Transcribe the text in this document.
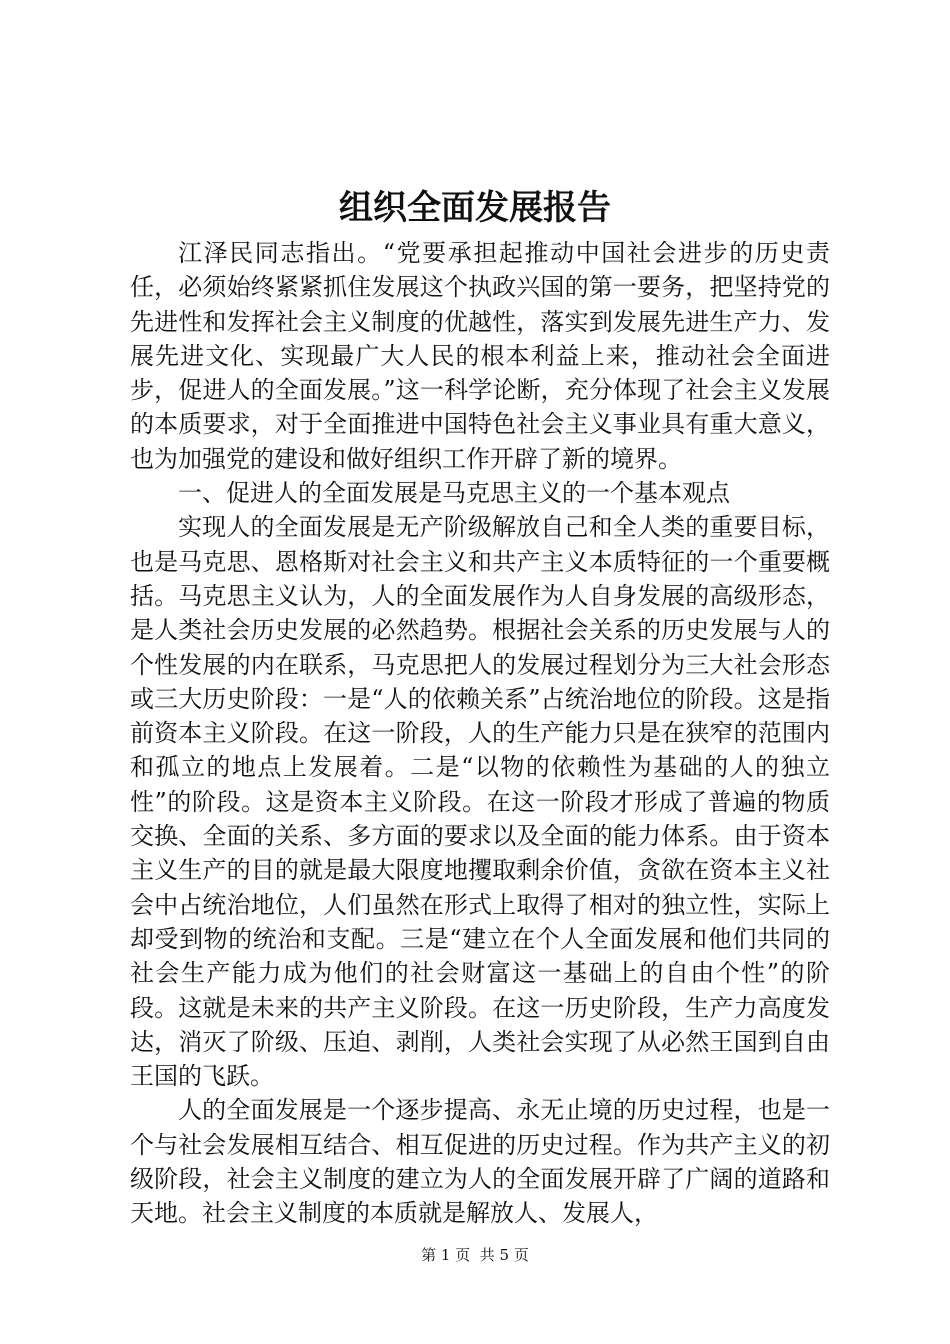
组织全面发展报告

江泽民同志指出。“党要承担起推动中国社会进步的历史责任，必须始终紧紧抓住发展这个执政兴国的第一要务，把坚持党的先进性和发挥社会主义制度的优越性，落实到发展先进生产力、发展先进文化、实现最广大人民的根本利益上来，推动社会全面进步，促进人的全面发展。”这一科学论断，充分体现了社会主义发展的本质要求，对于全面推进中国特色社会主义事业具有重大意义，也为加强党的建设和做好组织工作开辟了新的境界。

一、促进人的全面发展是马克思主义的一个基本观点

实现人的全面发展是无产阶级解放自己和全人类的重要目标，也是马克思、恩格斯对社会主义和共产主义本质特征的一个重要概括。马克思主义认为，人的全面发展作为人自身发展的高级形态，是人类社会历史发展的必然趋势。根据社会关系的历史发展与人的个性发展的内在联系，马克思把人的发展过程划分为三大社会形态或三大历史阶段：一是“人的依赖关系”占统治地位的阶段。这是指前资本主义阶段。在这一阶段，人的生产能力只是在狭窄的范围内和孤立的地点上发展着。二是“以物的依赖性为基础的人的独立性”的阶段。这是资本主义阶段。在这一阶段才形成了普遍的物质交换、全面的关系、多方面的要求以及全面的能力体系。由于资本主义生产的目的就是最大限度地攫取剩余价值，贪欲在资本主义社会中占统治地位，人们虽然在形式上取得了相对的独立性，实际上却受到物的统治和支配。三是“建立在个人全面发展和他们共同的社会生产能力成为他们的社会财富这一基础上的自由个性”的阶段。这就是未来的共产主义阶段。在这一历史阶段，生产力高度发达，消灭了阶级、压迫、剥削，人类社会实现了从必然王国到自由王国的飞跃。

人的全面发展是一个逐步提高、永无止境的历史过程，也是一个与社会发展相互结合、相互促进的历史过程。作为共产主义的初级阶段，社会主义制度的建立为人的全面发展开辟了广阔的道路和天地。社会主义制度的本质就是解放人、发展人，

第 1 页 共 5 页
